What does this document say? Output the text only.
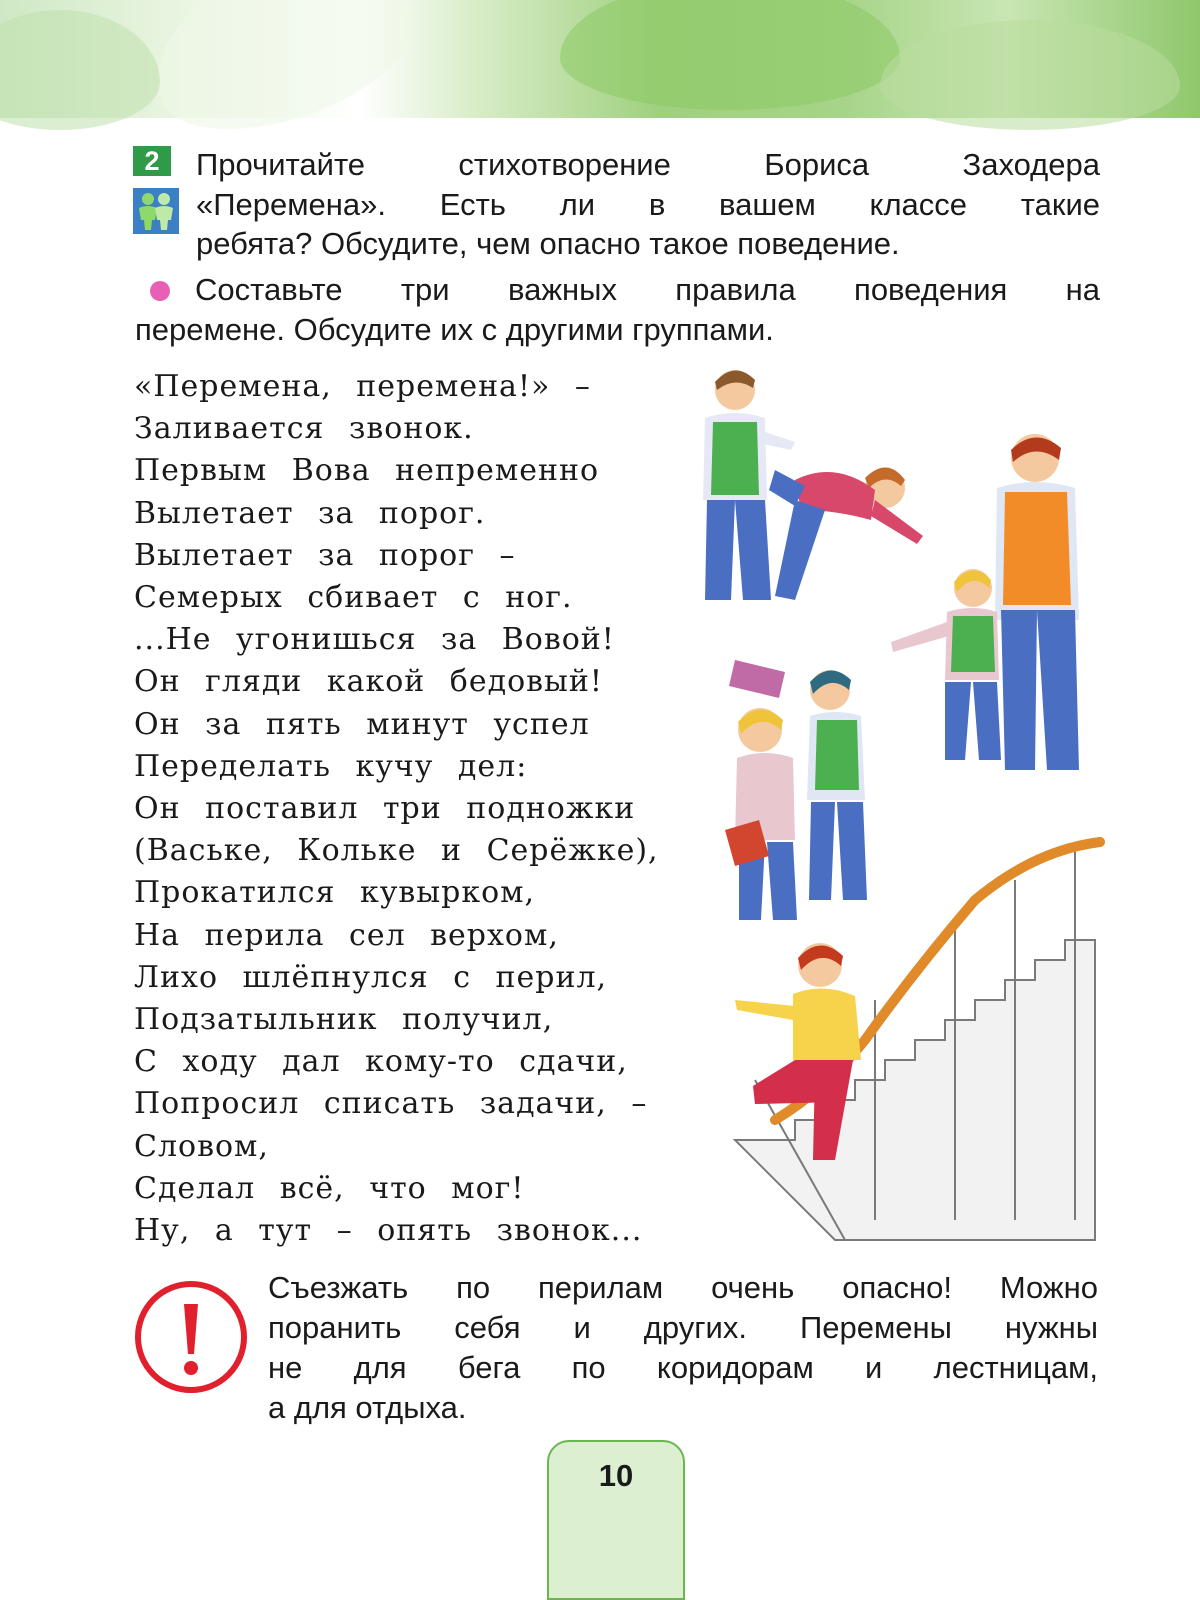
2	Прочитайте стихотворение Бориса Заходера
«Перемена». Есть ли в вашем классе такие
ребята? Обсудите, чем опасно такое поведение.
Составьте три важных правила поведения на
перемене. Обсудите их с другими группами.
«Перемена, перемена!» –
Заливается звонок.
Первым Вова непременно
Вылетает за порог.
Вылетает за порог –
Семерых сбивает с ног.
...Не угонишься за Вовой!
Он гляди какой бедовый!
Он за пять минут успел
Переделать кучу дел:
Он поставил три подножки
(Ваське, Кольке и Серёжке),
Прокатился кувырком,
На перила сел верхом,
Лихо шлёпнулся с перил,
Подзатыльник получил,
С ходу дал кому-то сдачи,
Попросил списать задачи, –
Словом,
Сделал всё, что мог!
Ну, а тут – опять звонок...
Съезжать по перилам очень опасно! Можно
поранить себя и других. Перемены нужны
не для бега по коридорам и лестницам,
а для отдыха.
10
